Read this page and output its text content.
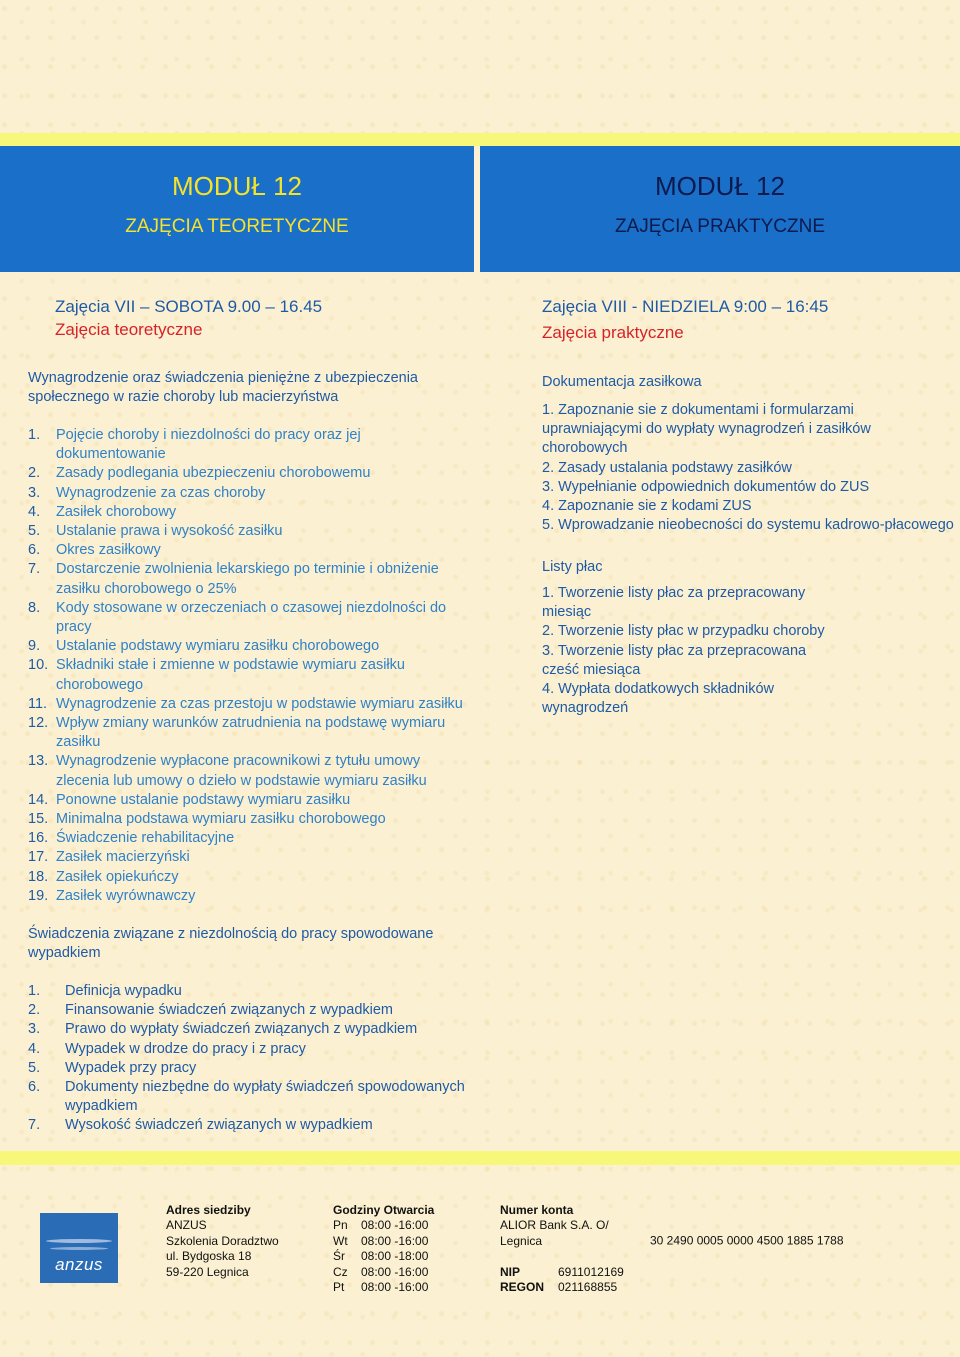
MODUŁ 12
ZAJĘCIA TEORETYCZNE
MODUŁ 12
ZAJĘCIA PRAKTYCZNE
Zajęcia VII – SOBOTA 9.00 – 16.45
Zajęcia teoretyczne
Wynagrodzenie oraz świadczenia pieniężne z ubezpieczenia
społecznego w razie choroby lub macierzyństwa
1. Pojęcie choroby i niezdolności do pracy oraz jej dokumentowanie
2. Zasady podlegania ubezpieczeniu chorobowemu
3. Wynagrodzenie za czas choroby
4. Zasiłek chorobowy
5. Ustalanie prawa i wysokość zasiłku
6. Okres zasiłkowy
7. Dostarczenie zwolnienia lekarskiego po terminie i obniżenie zasiłku chorobowego o 25%
8. Kody stosowane w orzeczeniach o czasowej niezdolności do pracy
9. Ustalanie podstawy wymiaru zasiłku chorobowego
10. Składniki stałe i zmienne w podstawie wymiaru zasiłku chorobowego
11. Wynagrodzenie za czas przestoju w podstawie wymiaru zasiłku
12. Wpływ zmiany warunków zatrudnienia na podstawę wymiaru zasiłku
13. Wynagrodzenie wypłacone pracownikowi z tytułu umowy zlecenia lub umowy o dzieło w podstawie wymiaru zasiłku
14. Ponowne ustalanie podstawy wymiaru zasiłku
15. Minimalna podstawa wymiaru zasiłku chorobowego
16. Świadczenie rehabilitacyjne
17. Zasiłek macierzyński
18. Zasiłek opiekuńczy
19. Zasiłek wyrównawczy
Świadczenia związane z niezdolnością do pracy spowodowane
wypadkiem
1. Definicja wypadku
2. Finansowanie świadczeń związanych z wypadkiem
3. Prawo do wypłaty świadczeń związanych z wypadkiem
4. Wypadek w drodze do pracy i z pracy
5. Wypadek przy pracy
6. Dokumenty niezbędne do wypłaty świadczeń spowodowanych wypadkiem
7. Wysokość świadczeń związanych w wypadkiem
Zajęcia VIII - NIEDZIELA 9:00 – 16:45
Zajęcia praktyczne
Dokumentacja zasiłkowa
1. Zapoznanie sie z dokumentami i formularzami uprawniającymi do wypłaty wynagrodzeń i zasiłków chorobowych
2. Zasady ustalania podstawy zasiłków
3. Wypełnianie odpowiednich dokumentów do ZUS
4. Zapoznanie sie z kodami ZUS
5. Wprowadzanie nieobecności do systemu kadrowo-płacowego
Listy płac
1. Tworzenie listy płac za przepracowany miesiąc
2. Tworzenie listy płac w przypadku choroby
3. Tworzenie listy płac za przepracowana cześć miesiąca
4. Wypłata dodatkowych składników wynagrodzeń
anzus
Adres siedziby
ANZUS
Szkolenia Doradztwo
ul. Bydgoska 18
59-220 Legnica
Godziny Otwarcia
Pn 08:00 -16:00
Wt 08:00 -16:00
Śr 08:00 -18:00
Cz 08:00 -16:00
Pt 08:00 -16:00
Numer konta
ALIOR Bank S.A. O/ Legnica	30 2490 0005 0000 4500 1885 1788
NIP	6911012169
REGON 021168855
